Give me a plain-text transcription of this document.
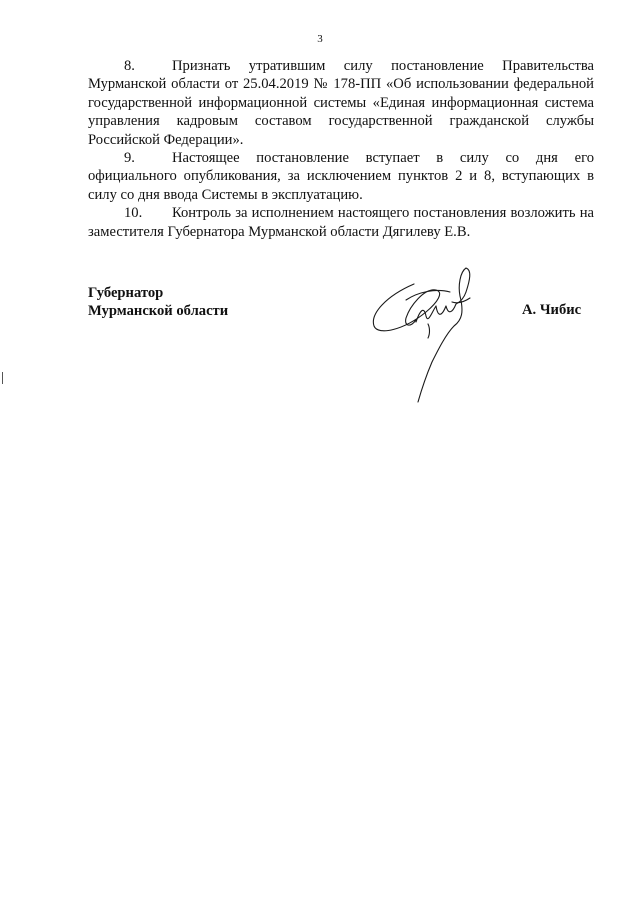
3

8.	Признать утратившим силу постановление Правительства Мурманской области от 25.04.2019 № 178-ПП «Об использовании федеральной государственной информационной системы «Единая информационная система управления кадровым составом государственной гражданской службы Российской Федерации».

9.	Настоящее постановление вступает в силу со дня его официального опубликования, за исключением пунктов 2 и 8, вступающих в силу со дня ввода Системы в эксплуатацию.

10. Контроль за исполнением настоящего постановления возложить на заместителя Губернатора Мурманской области Дягилеву Е.В.

Губернатор
Мурманской области	А. Чибис
